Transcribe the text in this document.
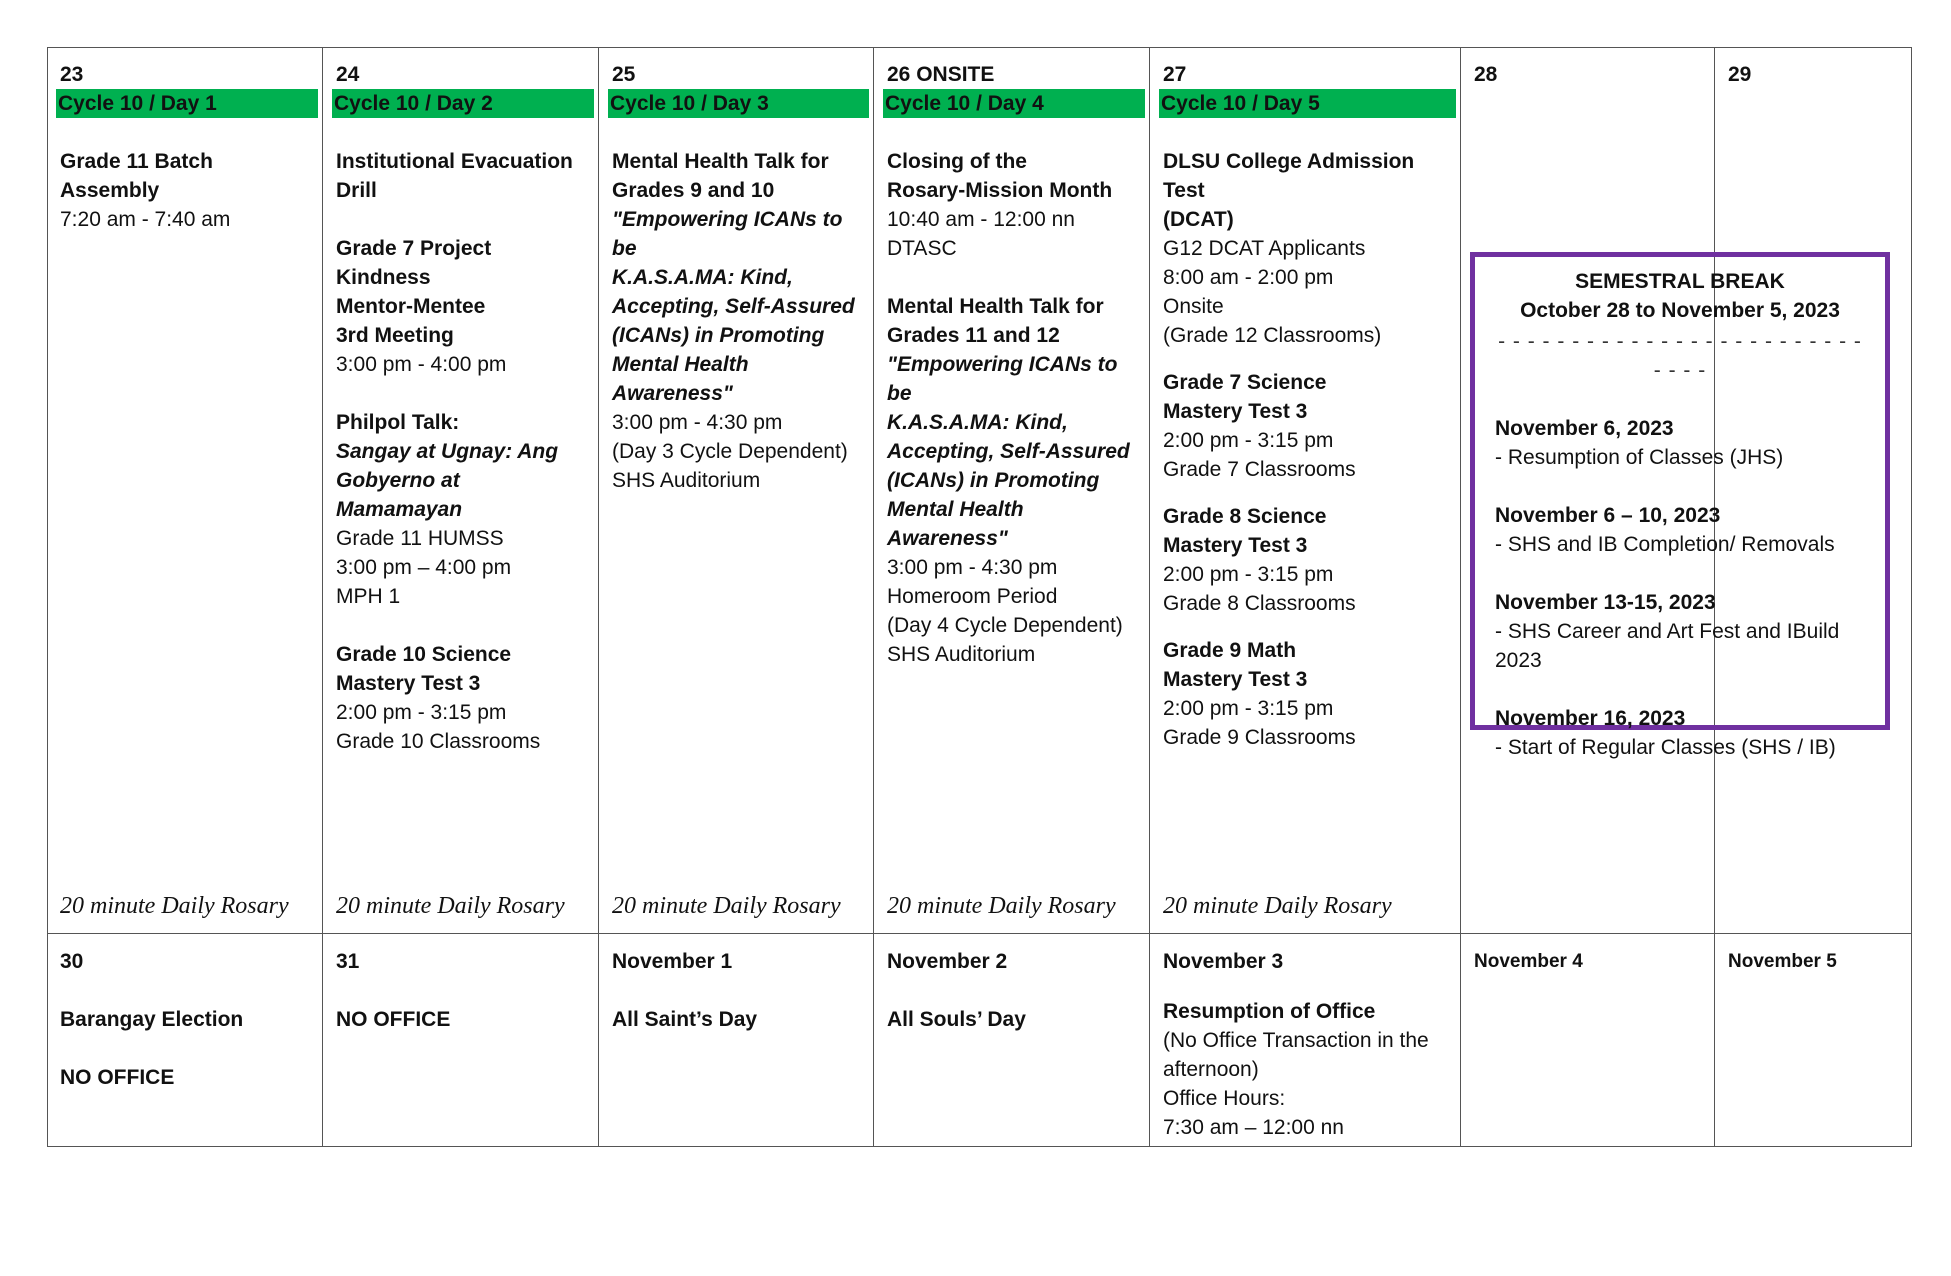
23
Cycle 10 / Day 1
Grade 11 Batch Assembly
7:20 am - 7:40 am
20 minute Daily Rosary
24
Cycle 10 / Day 2
Institutional Evacuation
Drill
Grade 7 Project Kindness
Mentor-Mentee
3rd Meeting
3:00 pm - 4:00 pm
Philpol Talk:
Sangay at Ugnay: Ang
Gobyerno at
Mamamayan
Grade 11 HUMSS
3:00 pm – 4:00 pm
MPH 1
Grade 10 Science
Mastery Test 3
2:00 pm - 3:15 pm
Grade 10 Classrooms
20 minute Daily Rosary
25
Cycle 10 / Day 3
Mental Health Talk for
Grades 9 and 10
"Empowering ICANs to be
K.A.S.A.MA: Kind,
Accepting, Self-Assured
(ICANs) in Promoting
Mental Health
Awareness"
3:00 pm - 4:30 pm
(Day 3 Cycle Dependent)
SHS Auditorium
20 minute Daily Rosary
26 ONSITE
Cycle 10 / Day 4
Closing of the
Rosary-Mission Month
10:40 am - 12:00 nn
DTASC
Mental Health Talk for
Grades 11 and 12
"Empowering ICANs to be
K.A.S.A.MA: Kind,
Accepting, Self-Assured
(ICANs) in Promoting
Mental Health
Awareness"
3:00 pm - 4:30 pm
Homeroom Period
(Day 4 Cycle Dependent)
SHS Auditorium
20 minute Daily Rosary
27
Cycle 10 / Day 5
DLSU College Admission Test
(DCAT)
G12 DCAT Applicants
8:00 am - 2:00 pm
Onsite
(Grade 12 Classrooms)
Grade 7 Science
Mastery Test 3
2:00 pm - 3:15 pm
Grade 7 Classrooms
Grade 8 Science
Mastery Test 3
2:00 pm - 3:15 pm
Grade 8 Classrooms
Grade 9 Math
Mastery Test 3
2:00 pm - 3:15 pm
Grade 9 Classrooms
20 minute Daily Rosary
28	29
30
Barangay Election
NO OFFICE
31
NO OFFICE
November 1
All Saint’s Day
November 2
All Souls’ Day
November 3
Resumption of Office
(No Office Transaction in the
afternoon)
Office Hours:
7:30 am – 12:00 nn
November 4	November 5
SEMESTRAL BREAK
October 28 to November 5, 2023
- - - - - - - - - - - - - - - - - - - - - - - - - - - - -
November 6, 2023
- Resumption of Classes (JHS)
November 6 – 10, 2023
- SHS and IB Completion/ Removals
November 13-15, 2023
- SHS Career and Art Fest and IBuild 2023
November 16, 2023
- Start of Regular Classes (SHS / IB)
